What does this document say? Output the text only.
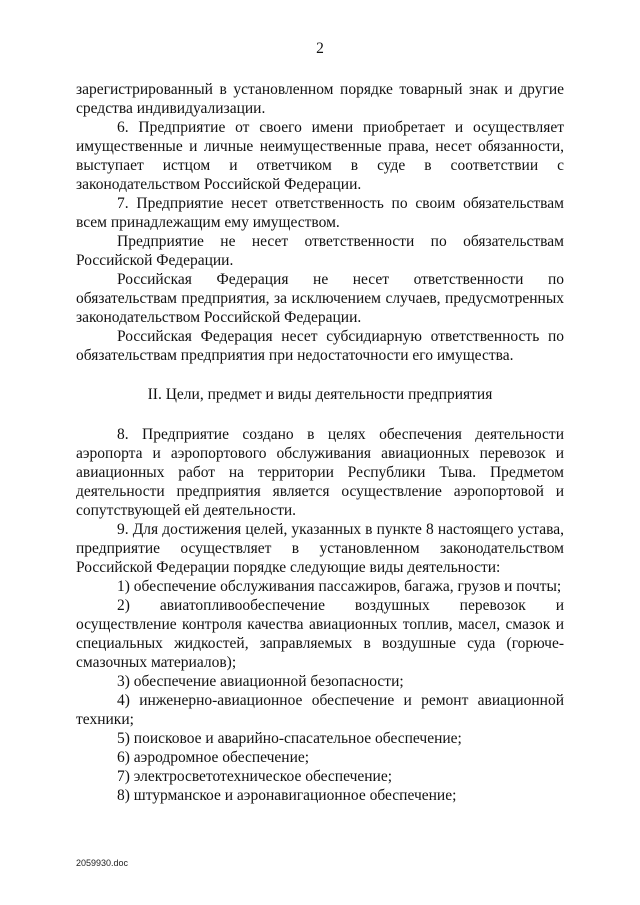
2

зарегистрированный в установленном порядке товарный знак и другие средства индивидуализации.

6. Предприятие от своего имени приобретает и осуществляет имущественные и личные неимущественные права, несет обязанности, выступает истцом и ответчиком в суде в соответствии с законодательством Российской Федерации.

7. Предприятие несет ответственность по своим обязательствам всем принадлежащим ему имуществом.

Предприятие не несет ответственности по обязательствам Российской Федерации.

Российская Федерация не несет ответственности по обязательствам предприятия, за исключением случаев, предусмотренных законодательством Российской Федерации.

Российская Федерация несет субсидиарную ответственность по обязательствам предприятия при недостаточности его имущества.

II. Цели, предмет и виды деятельности предприятия

8. Предприятие создано в целях обеспечения деятельности аэропорта и аэропортового обслуживания авиационных перевозок и авиационных работ на территории Республики Тыва. Предметом деятельности предприятия является осуществление аэропортовой и сопутствующей ей деятельности.

9. Для достижения целей, указанных в пункте 8 настоящего устава, предприятие осуществляет в установленном законодательством Российской Федерации порядке следующие виды деятельности:

1) обеспечение обслуживания пассажиров, багажа, грузов и почты;

2) авиатопливообеспечение воздушных перевозок и осуществление контроля качества авиационных топлив, масел, смазок и специальных жидкостей, заправляемых в воздушные суда (горюче-смазочных материалов);

3) обеспечение авиационной безопасности;

4) инженерно-авиационное обеспечение и ремонт авиационной техники;

5) поисковое и аварийно-спасательное обеспечение;

6) аэродромное обеспечение;

7) электросветотехническое обеспечение;

8) штурманское и аэронавигационное обеспечение;

2059930.doc
